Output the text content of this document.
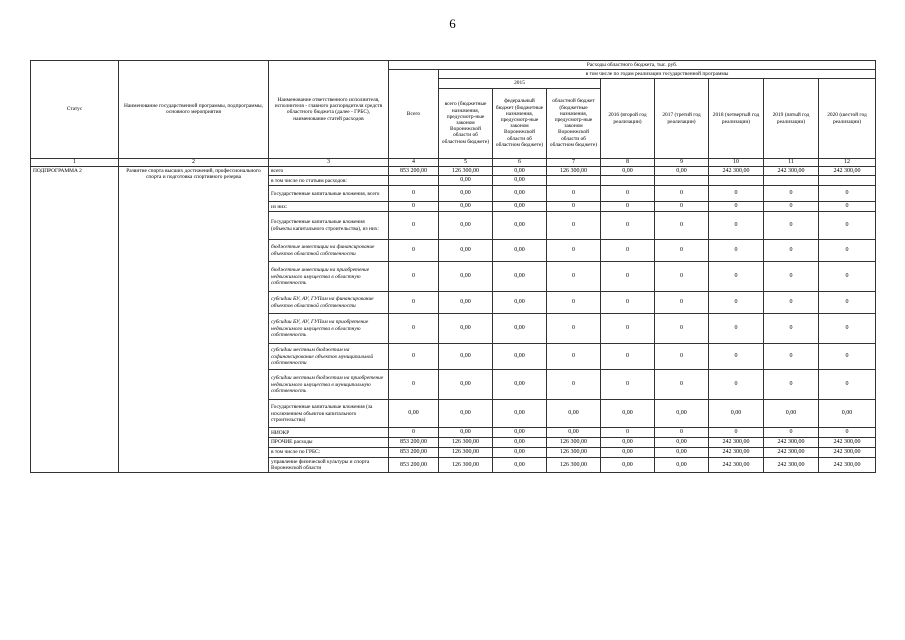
6
Статус	Наименование государственной программы, подпрограммы, основного мероприятия	Наименование ответственного исполнителя, исполнителя - главного распорядителя средств областного бюджета (далее - ГРБС), наименование статей расходов	Расходы областного бюджета, тыс. руб.								
			Всего	в том числе по годам реализации государственной программы							
				2015			2016 (второй год реализации)	2017 (третий год реализации)	2018 (четвертый год реализации)	2019 (пятый год реализации)	2020 (шестой год реализации)
				всего (бюджетные назначения, предусмотр-ные законом Воронежской области об областном бюджете)	федеральный бюджет (бюджетные назначения, предусмотр-ные законом Воронежской области об областном бюджете)	областной бюджет (бюджетные назначения, предусмотр-ные законом Воронежской области об областном бюджете)					
1	2	3	4	5	6	7	8	9	10	11	12
ПОДПРОГРАММА 2	Развитие спорта высших достижений, профессионального спорта и подготовка спортивного резерва	всего	853 200,00	126 300,00	0,00	126 300,00	0,00	0,00	242 300,00	242 300,00	242 300,00
		в том числе по статьям расходов:		0,00	0,00						
		Государственные капитальные вложения, всего	0	0,00	0,00	0	0	0	0	0	0
		из них:	0	0,00	0,00	0	0	0	0	0	0
		Государственные капитальные вложения (объекты капитального строительства), из них:	0	0,00	0,00	0	0	0	0	0	0
		бюджетные инвестиции на финансирование объектов областной собственности	0	0,00	0,00	0	0	0	0	0	0
		бюджетные инвестиции на приобретение недвижимого имущества в областную собственность	0	0,00	0,00	0	0	0	0	0	0
		субсидии БУ, АУ, ГУПам на финансирование объектов областной собственности	0	0,00	0,00	0	0	0	0	0	0
		субсидии БУ, АУ, ГУПам на приобретение недвижимого имущества в областную собственность	0	0,00	0,00	0	0	0	0	0	0
		субсидии местным бюджетам на софинансирование объектов муниципальной собственности	0	0,00	0,00	0	0	0	0	0	0
		субсидии местным бюджетам на приобретение недвижимого имущества в муниципальную собственность	0	0,00	0,00	0	0	0	0	0	0
		Государственные капитальные вложения (за исключением объектов капитального строительства)	0,00	0,00	0,00	0,00	0,00	0,00	0,00	0,00	0,00
		НИОКР	0	0,00	0,00	0,00	0	0	0	0	0
		ПРОЧИЕ расходы	853 200,00	126 300,00	0,00	126 300,00	0,00	0,00	242 300,00	242 300,00	242 300,00
		в том числе по ГРБС:	853 200,00	126 300,00	0,00	126 300,00	0,00	0,00	242 300,00	242 300,00	242 300,00
		управление физической культуры и спорта Воронежской области	853 200,00	126 300,00	0,00	126 300,00	0,00	0,00	242 300,00	242 300,00	242 300,00
